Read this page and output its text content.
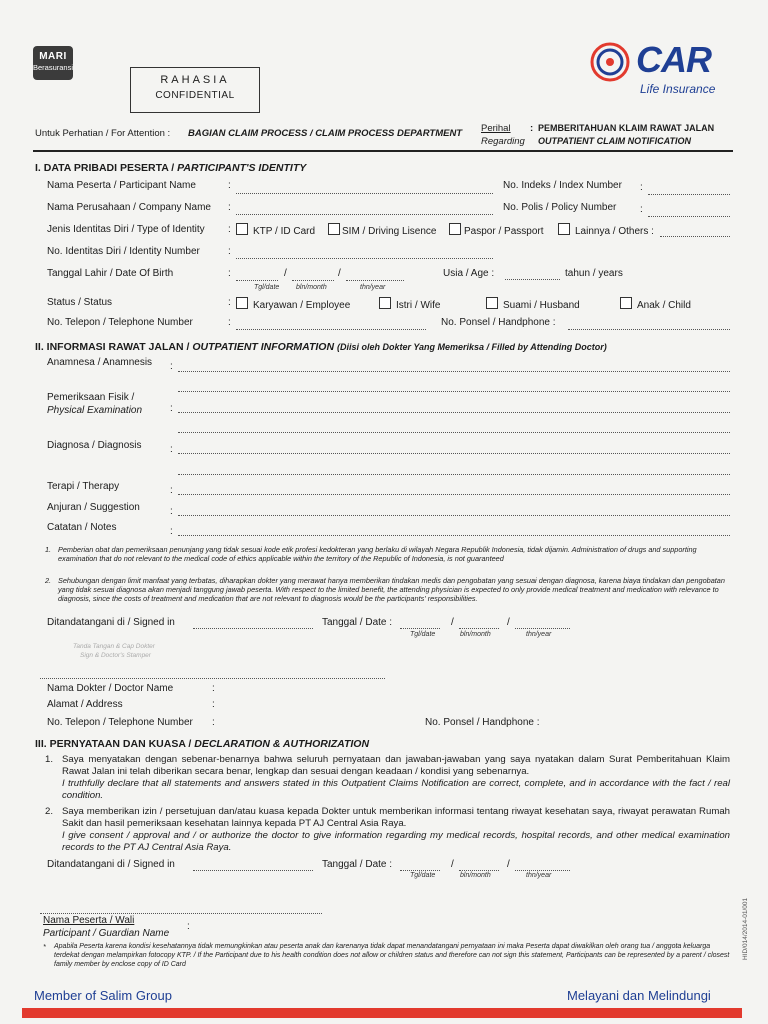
MARI
Berasuransi
RAHASIA
CONFIDENTIAL
CAR
Life Insurance
Untuk Perhatian / For Attention : BAGIAN CLAIM PROCESS / CLAIM PROCESS DEPARTMENT Perihal
Regarding
: PEMBERITAHUAN KLAIM RAWAT JALAN
OUTPATIENT CLAIM NOTIFICATION
I. DATA PRIBADI PESERTA / PARTICIPANT'S IDENTITY
Nama Peserta / Participant Name	:	No. Indeks / Index Number :
Nama Perusahaan / Company Name :	No. Polis / Policy Number :
Jenis Identitas Diri / Type of Identity :	KTP / ID Card	SIM / Driving Lisence	Paspor / Passport	Lainnya / Others :
No. Identitas Diri / Identity Number	:
Tanggal Lahir / Date Of Birth	:	/	/
Tgl/date bln/month	thn/year
Usia / Age :	tahun / years
Status / Status	:	Karyawan / Employee	Istri / Wife	Suami / Husband	Anak / Child
No. Telepon / Telephone Number	:	No. Ponsel / Handphone :
II. INFORMASI RAWAT JALAN / OUTPATIENT INFORMATION (Diisi oleh Dokter Yang Memeriksa / Filled by Attending Doctor)
Anamnesa / Anamnesis :
Pemeriksaan Fisik /
Physical Examination	:
Diagnosa / Diagnosis	:
Terapi / Therapy	:
Anjuran / Suggestion	:
Catatan / Notes	:
1. Pemberian obat dan pemeriksaan penunjang yang tidak sesuai kode etik profesi kedokteran yang berlaku di wilayah Negara Republik Indonesia, tidak dijamin. Administration of drugs and supporting examination that do not relevant to the medical code of ethics applicable within the territory of the Republic of Indonesia, is not guaranteed
2. Sehubungan dengan limit manfaat yang terbatas, diharapkan dokter yang merawat hanya memberikan tindakan medis dan pengobatan yang sesuai dengan diagnosa, karena biaya tindakan dan pengobatan yang tidak sesuai diagnosa akan menjadi tanggung jawab peserta. With respect to the limited benefit, the attending physician is expected to only provide medical treatment and medication with relevance to diagnosis, since the costs of treatment and medication that are not relevant to diagnosis would be the participants' responsibilities.
Ditandatangani di / Signed in	Tanggal / Date :	/	/
Tgl/date	bln/month	thn/year
Tanda Tangan & Cap Dokter
Sign & Doctor's Stamper
Nama Dokter / Doctor Name	:
Alamat / Address	:
No. Telepon / Telephone Number :	No. Ponsel / Handphone :
III. PERNYATAAN DAN KUASA / DECLARATION & AUTHORIZATION
1. Saya menyatakan dengan sebenar-benarnya bahwa seluruh pernyataan dan jawaban-jawaban yang saya nyatakan dalam Surat Pemberitahuan Klaim Rawat Jalan ini telah diberikan secara benar, lengkap dan sesuai dengan keadaan / kondisi yang sebenarnya.
I truthfully declare that all statements and answers stated in this Outpatient Claims Notification are correct, complete, and in accordance with the fact / real condition.
2. Saya memberikan izin / persetujuan dan/atau kuasa kepada Dokter untuk memberikan informasi tentang riwayat kesehatan saya, riwayat perawatan Rumah Sakit dan hasil pemeriksaan kesehatan lainnya kepada PT AJ Central Asia Raya.
I give consent / approval and / or authorize the doctor to give information regarding my medical records, hospital records, and other medical examination records to the PT AJ Central Asia Raya.
Ditandatangani di / Signed in	Tanggal / Date :	/	/
Tgl/date	bln/month	thn/year
Nama Peserta / Wali
Participant / Guardian Name
:
* Apabila Peserta karena kondisi kesehatannya tidak memungkinkan atau peserta anak dan karenanya tidak dapat menandatangani pernyataan ini maka Peserta dapat diwakilkan oleh orang tua / anggota keluarga terdekat dengan melampirkan fotocopy KTP. / If the Participant due to his health condition does not allow or children status and therefore can not sign this statement, Participants can be represented by a parent / closest family member by enclose copy of ID Card
HID/014/2014-01/001
Member of Salim Group	Melayani dan Melindungi
